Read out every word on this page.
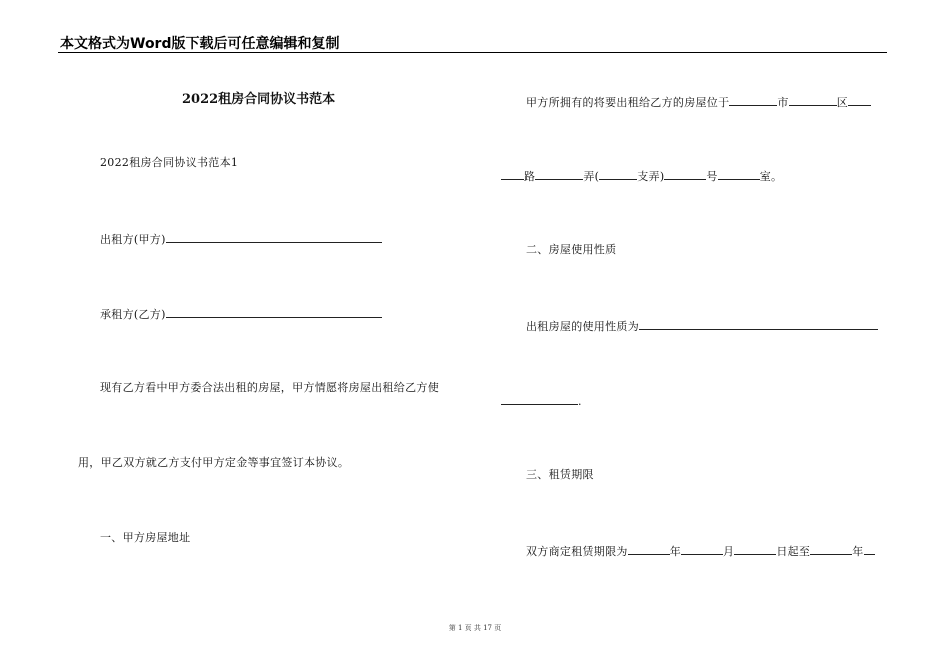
本文格式为Word版下载后可任意编辑和复制
2022租房合同协议书范本
2022租房合同协议书范本1
出租方(甲方)
承租方(乙方)
现有乙方看中甲方委合法出租的房屋，甲方情愿将房屋出租给乙方使
用，甲乙双方就乙方支付甲方定金等事宜签订本协议。
一、甲方房屋地址
甲方所拥有的将要出租给乙方的房屋位于	市	区
路	弄(	支弄)	号	室。
二、房屋使用性质
出租房屋的使用性质为
.
三、租赁期限
双方商定租赁期限为	年	月	日起至	年
第 1 页 共 17 页
